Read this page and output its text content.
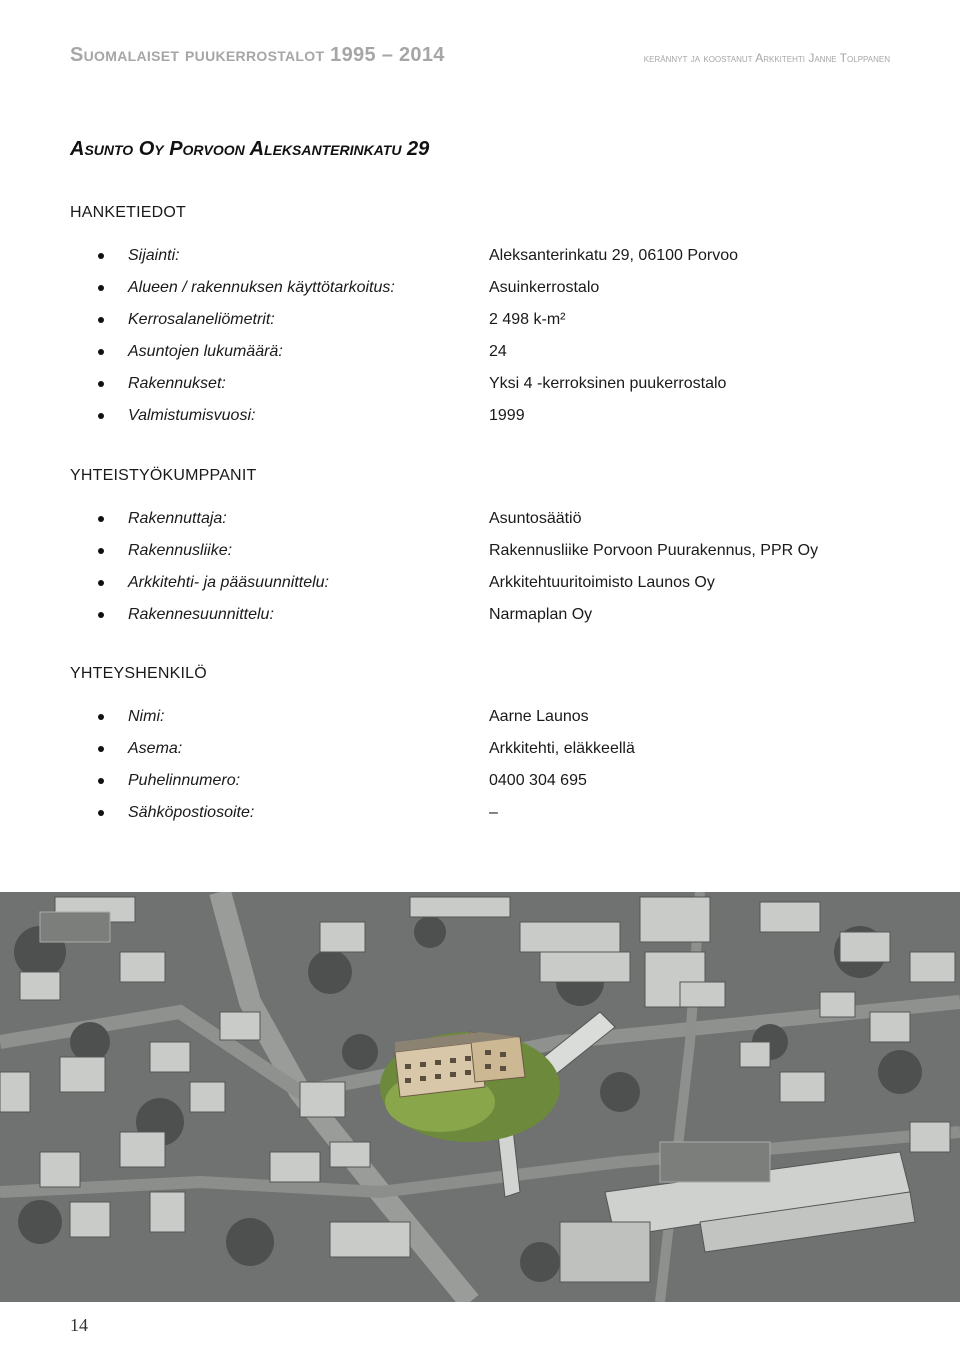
Suomalaiset puukerrostalot 1995 – 2014	kerännyt ja koostanut Arkkitehti Janne Tolppanen
Asunto Oy Porvoon Aleksanterinkatu 29
HANKETIEDOT
Sijainti:	Aleksanterinkatu 29, 06100 Porvoo
Alueen / rakennuksen käyttötarkoitus:	Asuinkerrostalo
Kerrosalaneliömetrit:	2 498 k-m²
Asuntojen lukumäärä:	24
Rakennukset:	Yksi 4 -kerroksinen puukerrostalo
Valmistumisvuosi:	1999
YHTEISTYÖKUMPPANIT
Rakennuttaja:	Asuntosäätiö
Rakennusliike:	Rakennusliike Porvoon Puurakennus, PPR Oy
Arkkitehti- ja pääsuunnittelu:	Arkkitehtuuritoimisto Launos Oy
Rakennesuunnittelu:	Narmaplan Oy
YHTEYSHENKILÖ
Nimi:	Aarne Launos
Asema:	Arkkitehti, eläkkeellä
Puhelinnumero:	0400 304 695
Sähköpostiosoite:	–
14
